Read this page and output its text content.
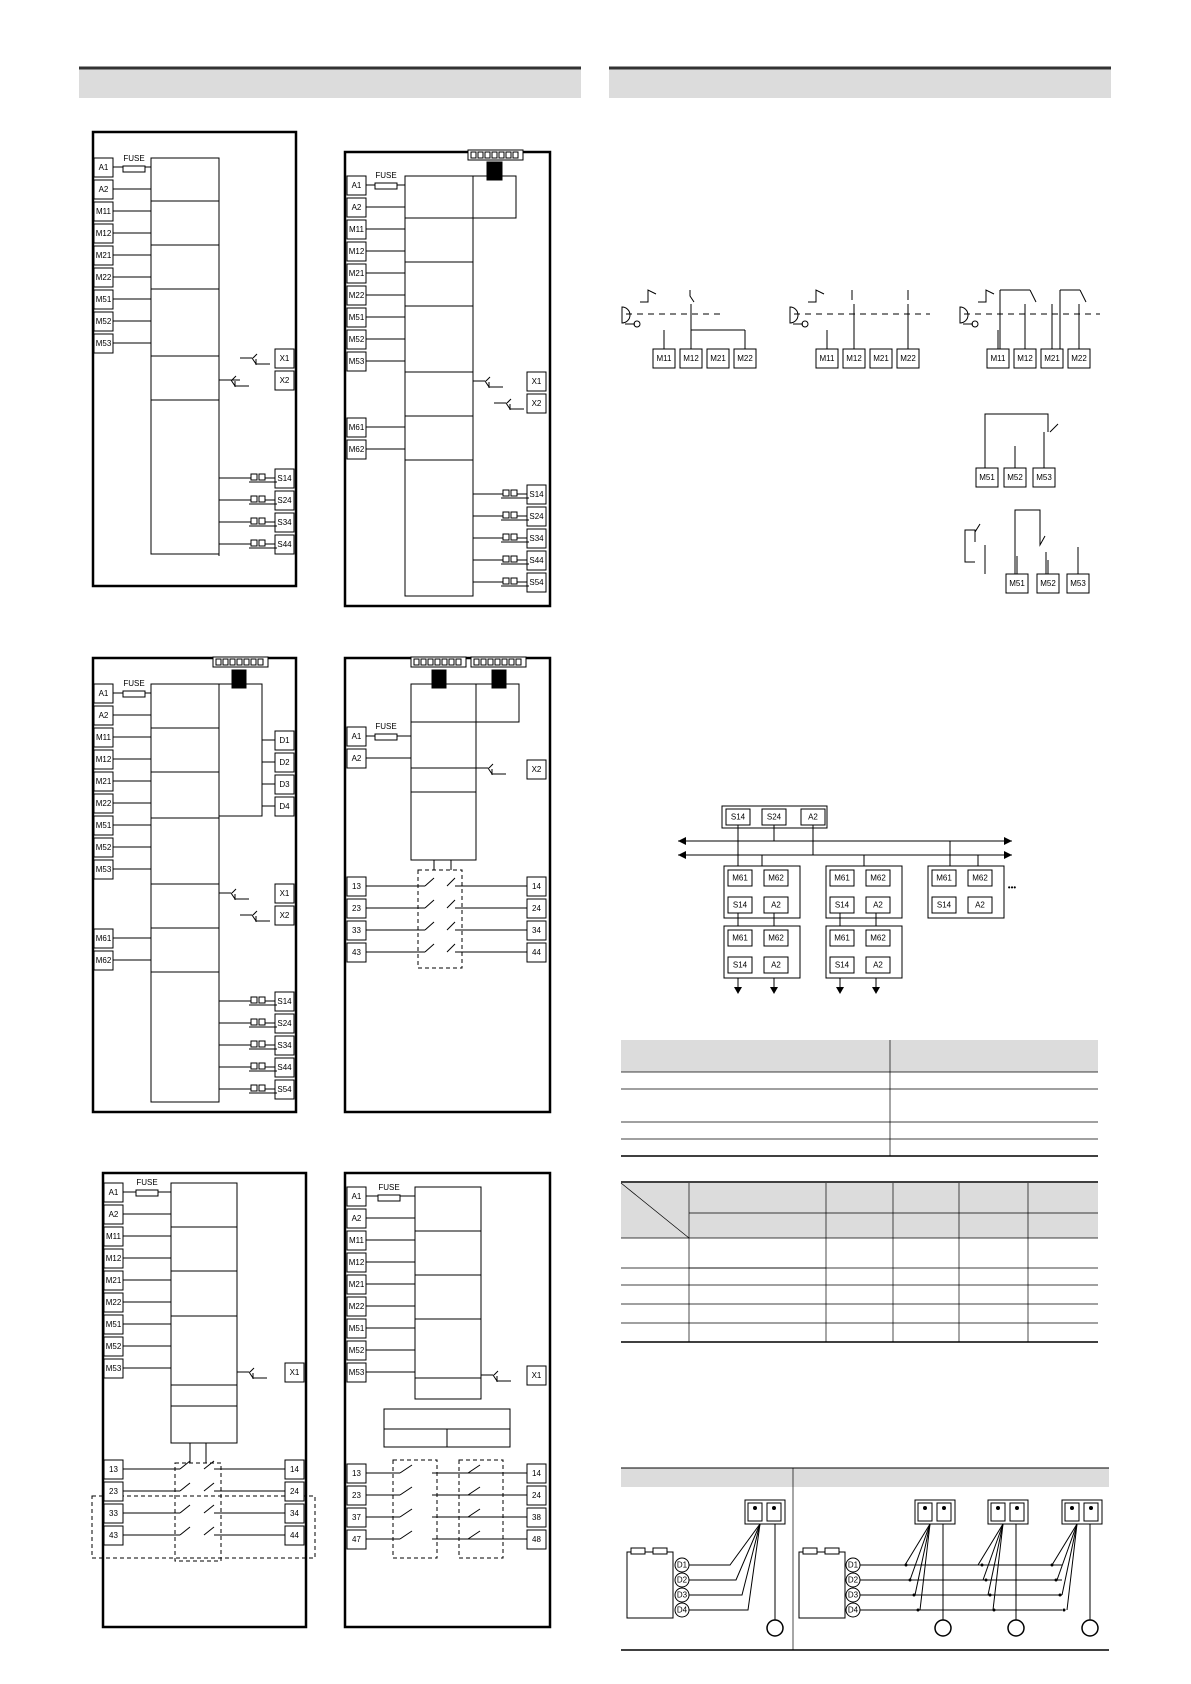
A1
A2
M11
M12
M21
M22
M51
M52
M53
FUSE
X1
X2
S14
S24
S34
S44
A1
A2
M11
M12
M21
M22
M51
M52
M53
M61
M62
FUSE
X1
X2
S14
S24
S34
S44
S54
A1
A2
M11
M12
M21
M22
M51
M52
M53
M61
M62
FUSE
D1
D2
D3
D4
X1
X2
S14
S24
S34
S44
S54
A1
A2
FUSE
X2
13	14
23	24
33	34
43	44
A1
A2
M11
M12
M21
M22
M51
M52
M53
FUSE
X1
13	14
23	24
33	34
43	44
A1
A2
M11
M12
M21
M22
M51
M52
M53
FUSE
X1
13	14
23	24
37	38
47	48
M11 M12 M21 M22	M11 M12 M21 M22	M11 M12 M21 M22
M51 M52 M53
M51 M52 M53
S14	S24	A2
M61	M62
S14	A2
M61	M62
S14	A2
M61	M62
S14	A2
M61	M62
S14	A2
M61	M62
S14	A2
•••
D1
D2
D3
D4
D1
D2
D3
D4
